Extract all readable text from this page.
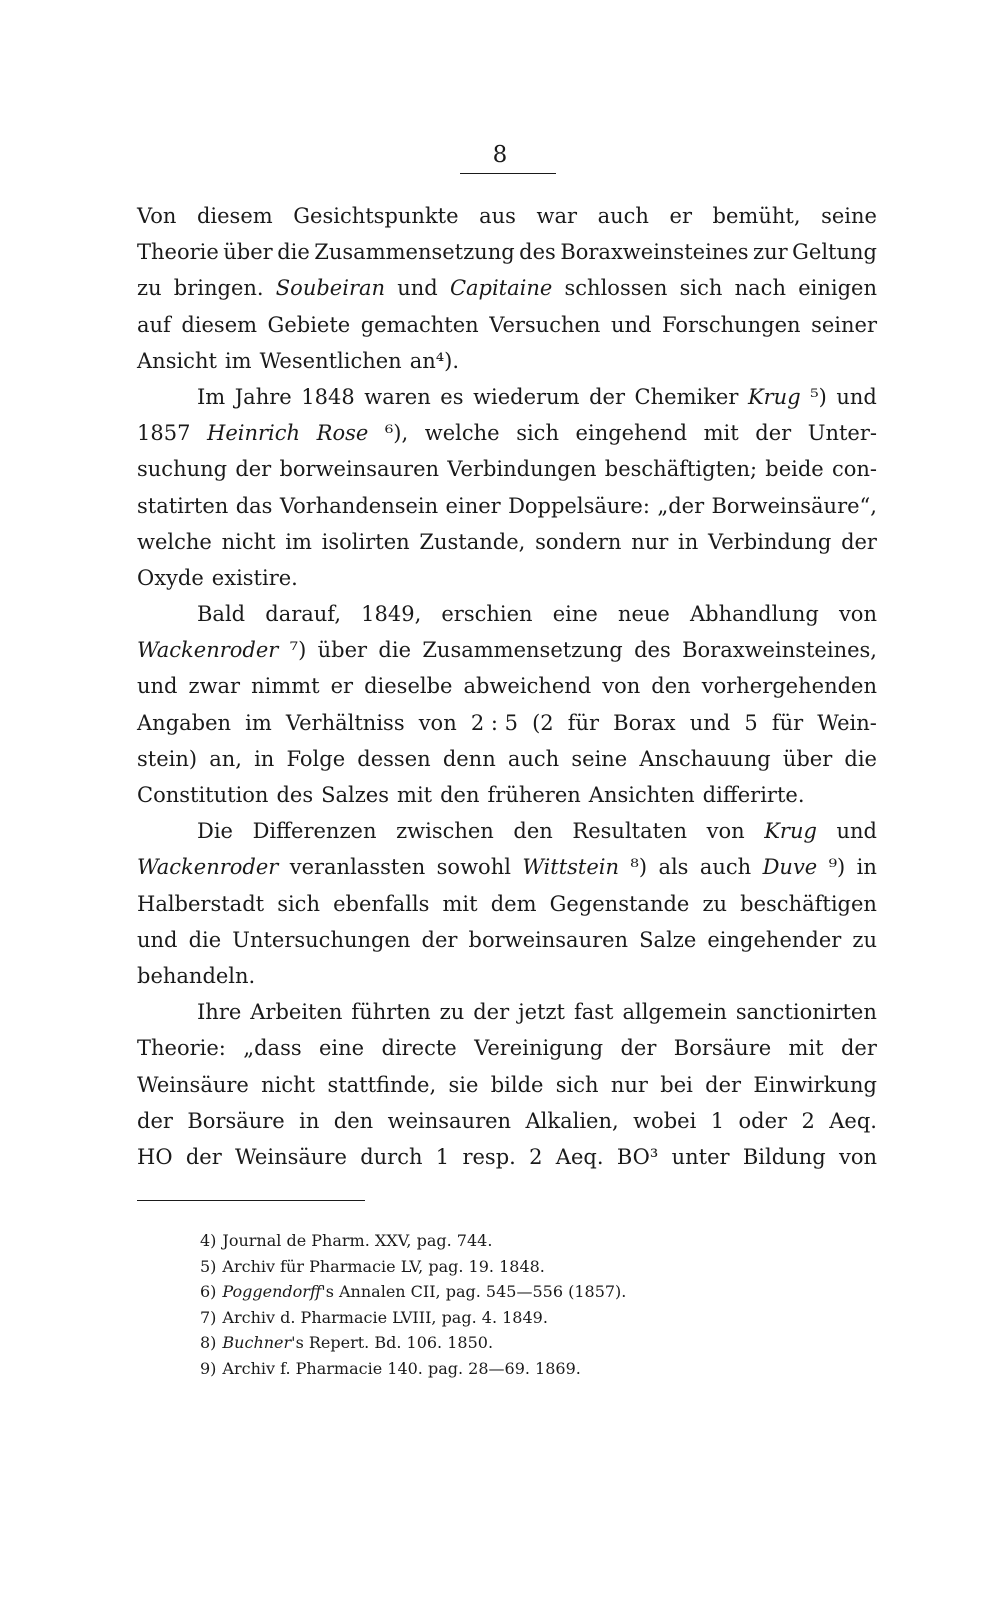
8
Von diesem Gesichtspunkte aus war auch er bemüht, seine
Theorie über die Zusammensetzung des Boraxweinsteines zur Geltung
zu bringen. Soubeiran und Capitaine schlossen sich nach einigen
auf diesem Gebiete gemachten Versuchen und Forschungen seiner
Ansicht im Wesentlichen an⁴).
Im Jahre 1848 waren es wiederum der Chemiker Krug ⁵) und
1857 Heinrich Rose ⁶), welche sich eingehend mit der Unter-
suchung der borweinsauren Verbindungen beschäftigten; beide con-
statirten das Vorhandensein einer Doppelsäure: „der Borweinsäure“,
welche nicht im isolirten Zustande, sondern nur in Verbindung der
Oxyde existire.
Bald darauf, 1849, erschien eine neue Abhandlung von
Wackenroder ⁷) über die Zusammensetzung des Boraxweinsteines,
und zwar nimmt er dieselbe abweichend von den vorhergehenden
Angaben im Verhältniss von 2 : 5 (2 für Borax und 5 für Wein-
stein) an, in Folge dessen denn auch seine Anschauung über die
Constitution des Salzes mit den früheren Ansichten differirte.
Die Differenzen zwischen den Resultaten von Krug und
Wackenroder veranlassten sowohl Wittstein ⁸) als auch Duve ⁹) in
Halberstadt sich ebenfalls mit dem Gegenstande zu beschäftigen
und die Untersuchungen der borweinsauren Salze eingehender zu
behandeln.
Ihre Arbeiten führten zu der jetzt fast allgemein sanctionirten
Theorie: „dass eine directe Vereinigung der Borsäure mit der
Weinsäure nicht stattfinde, sie bilde sich nur bei der Einwirkung
der Borsäure in den weinsauren Alkalien, wobei 1 oder 2 Aeq.
HO der Weinsäure durch 1 resp. 2 Aeq. BO³ unter Bildung von
4) Journal de Pharm. XXV, pag. 744.
5) Archiv für Pharmacie LV, pag. 19. 1848.
6) Poggendorff's Annalen CII, pag. 545—556 (1857).
7) Archiv d. Pharmacie LVIII, pag. 4. 1849.
8) Buchner's Repert. Bd. 106. 1850.
9) Archiv f. Pharmacie 140. pag. 28—69. 1869.
